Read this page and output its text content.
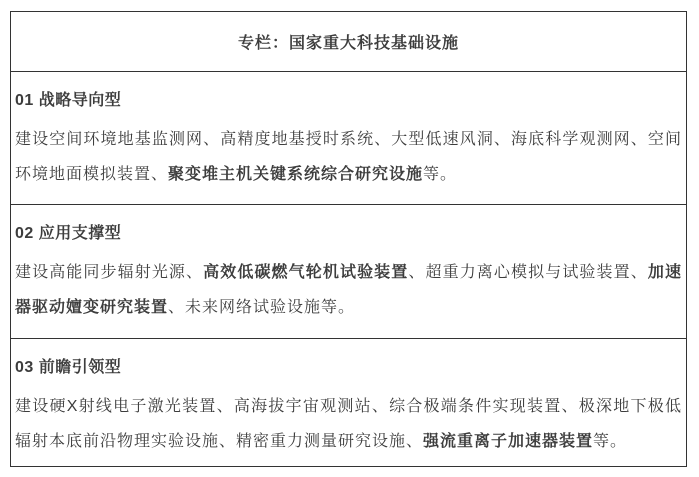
专栏：国家重大科技基础设施
01 战略导向型

建设空间环境地基监测网、高精度地基授时系统、大型低速风洞、海底科学观测网、空间环境地面模拟装置、聚变堆主机关键系统综合研究设施等。

02 应用支撑型

建设高能同步辐射光源、高效低碳燃气轮机试验装置、超重力离心模拟与试验装置、加速器驱动嬗变研究装置、未来网络试验设施等。

03 前瞻引领型

建设硬X射线电子激光装置、高海拔宇宙观测站、综合极端条件实现装置、极深地下极低辐射本底前沿物理实验设施、精密重力测量研究设施、强流重离子加速器装置等。
